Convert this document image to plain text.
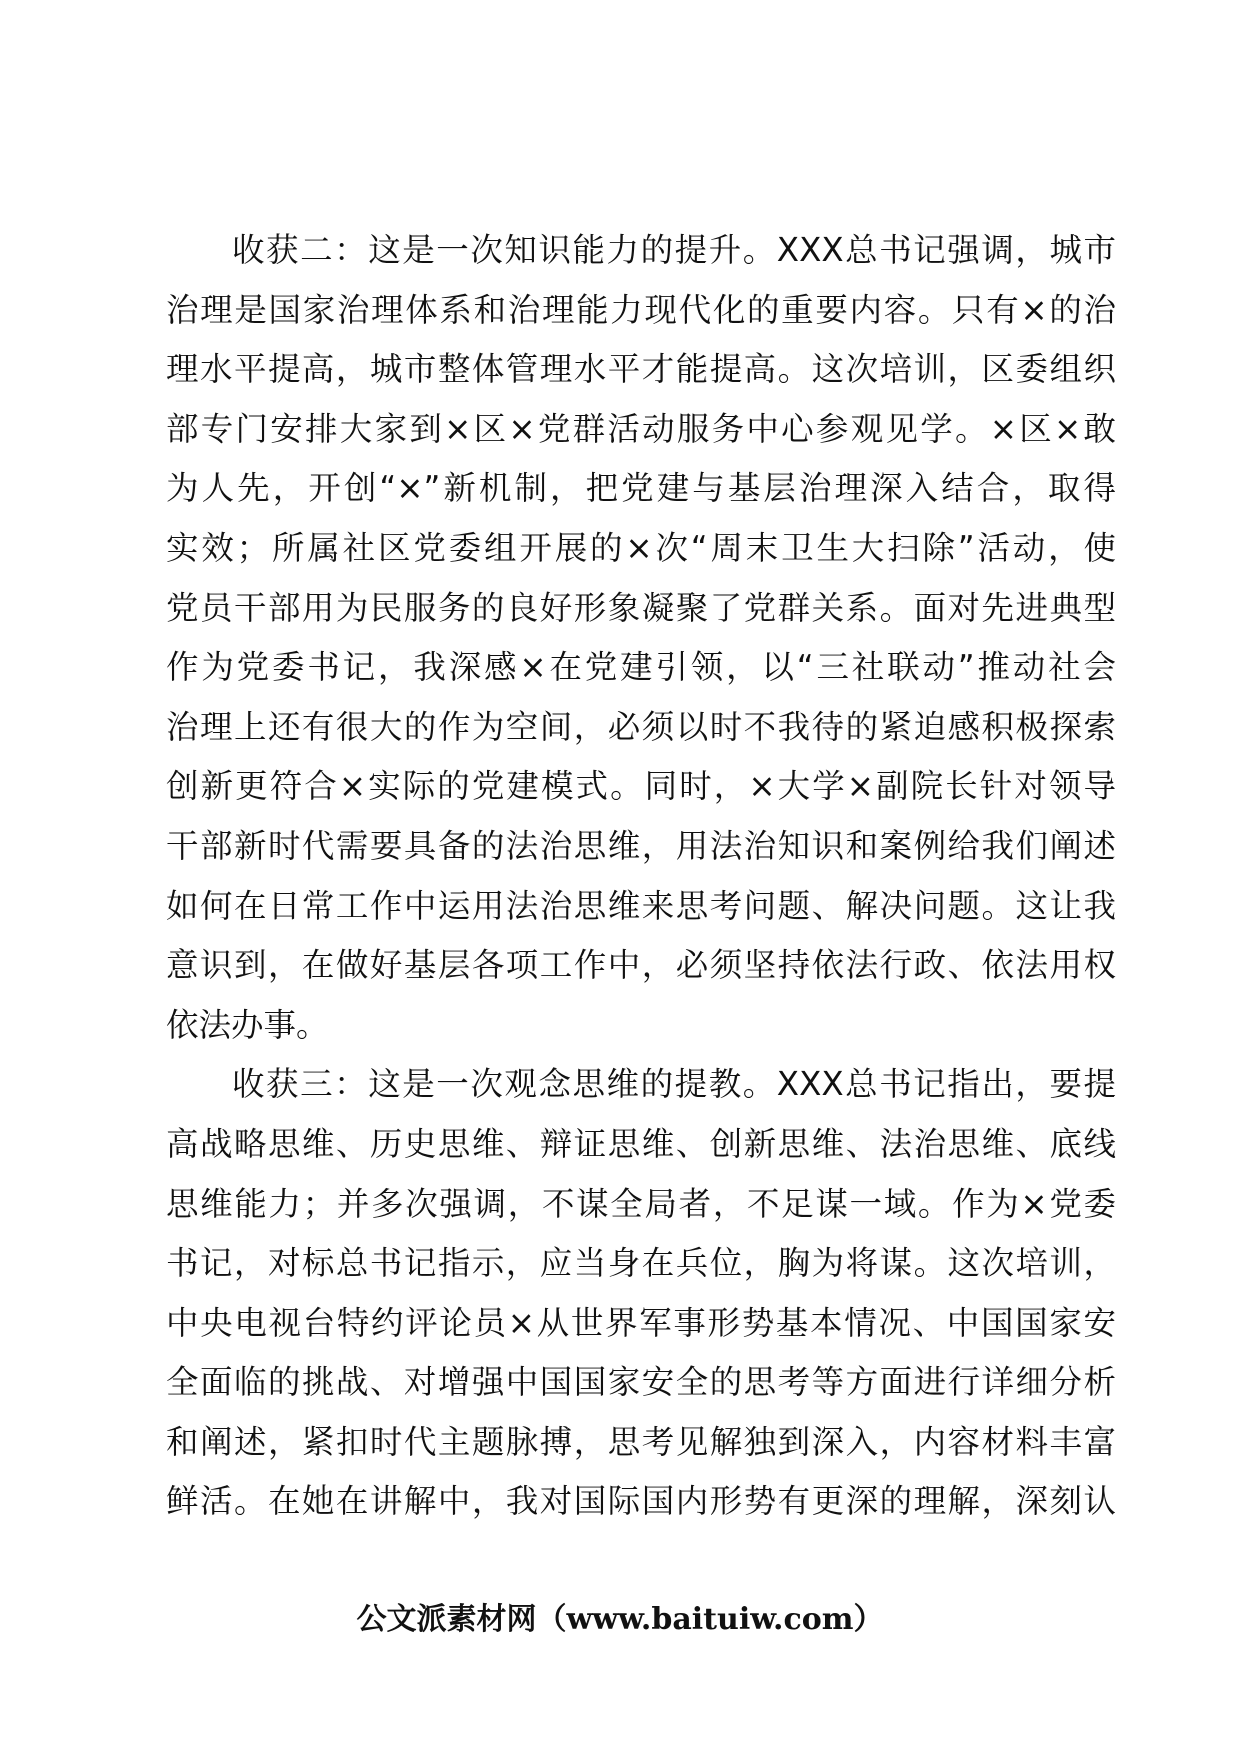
收获二：这是一次知识能力的提升。XXX总书记强调，城市
治理是国家治理体系和治理能力现代化的重要内容。只有×的治
理水平提高，城市整体管理水平才能提高。这次培训，区委组织
部专门安排大家到×区×党群活动服务中心参观见学。×区×敢
为人先，开创“×”新机制，把党建与基层治理深入结合，取得
实效；所属社区党委组开展的×次“周末卫生大扫除”活动，使
党员干部用为民服务的良好形象凝聚了党群关系。面对先进典型
作为党委书记，我深感×在党建引领，以“三社联动”推动社会
治理上还有很大的作为空间，必须以时不我待的紧迫感积极探索
创新更符合×实际的党建模式。同时，×大学×副院长针对领导
干部新时代需要具备的法治思维，用法治知识和案例给我们阐述
如何在日常工作中运用法治思维来思考问题、解决问题。这让我
意识到，在做好基层各项工作中，必须坚持依法行政、依法用权
依法办事。
收获三：这是一次观念思维的提教。XXX总书记指出，要提
高战略思维、历史思维、辩证思维、创新思维、法治思维、底线
思维能力；并多次强调，不谋全局者，不足谋一域。作为×党委
书记，对标总书记指示，应当身在兵位，胸为将谋。这次培训，
中央电视台特约评论员×从世界军事形势基本情况、中国国家安
全面临的挑战、对增强中国国家安全的思考等方面进行详细分析
和阐述，紧扣时代主题脉搏，思考见解独到深入，内容材料丰富
鲜活。在她在讲解中，我对国际国内形势有更深的理解，深刻认
公文派素材网（www.baituiw.com）
